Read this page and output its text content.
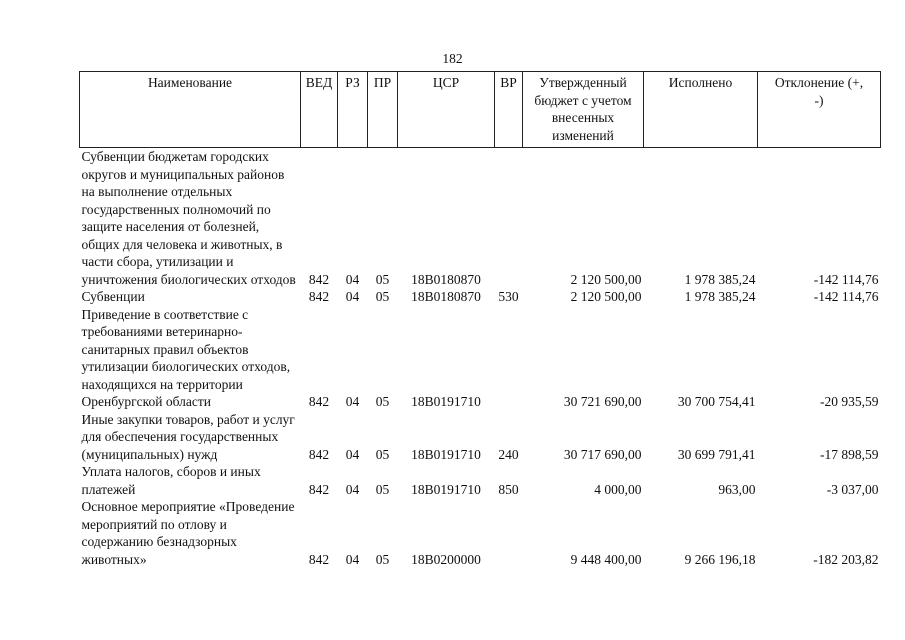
182
Наименование	ВЕД	РЗ	ПР	ЦСР	ВР	Утвержденный бюджет с учетом внесенных изменений	Исполнено	Отклонение (+, -)
Субвенции бюджетам городских округов и муниципальных районов на выполнение отдельных государственных полномочий по защите населения от болезней, общих для человека и животных, в части сбора, утилизации и уничтожения биологических отходов	842	04	05	18В0180870		2 120 500,00	1 978 385,24	-142 114,76
Субвенции	842	04	05	18В0180870	530	2 120 500,00	1 978 385,24	-142 114,76
Приведение в соответствие с требованиями ветеринарно-санитарных правил объектов утилизации биологических отходов, находящихся на территории Оренбургской области	842	04	05	18В0191710		30 721 690,00	30 700 754,41	-20 935,59
Иные закупки товаров, работ и услуг для обеспечения государственных (муниципальных) нужд	842	04	05	18В0191710	240	30 717 690,00	30 699 791,41	-17 898,59
Уплата налогов, сборов и иных платежей	842	04	05	18В0191710	850	4 000,00	963,00	-3 037,00
Основное мероприятие «Проведение мероприятий по отлову и содержанию безнадзорных животных»	842	04	05	18В0200000		9 448 400,00	9 266 196,18	-182 203,82
